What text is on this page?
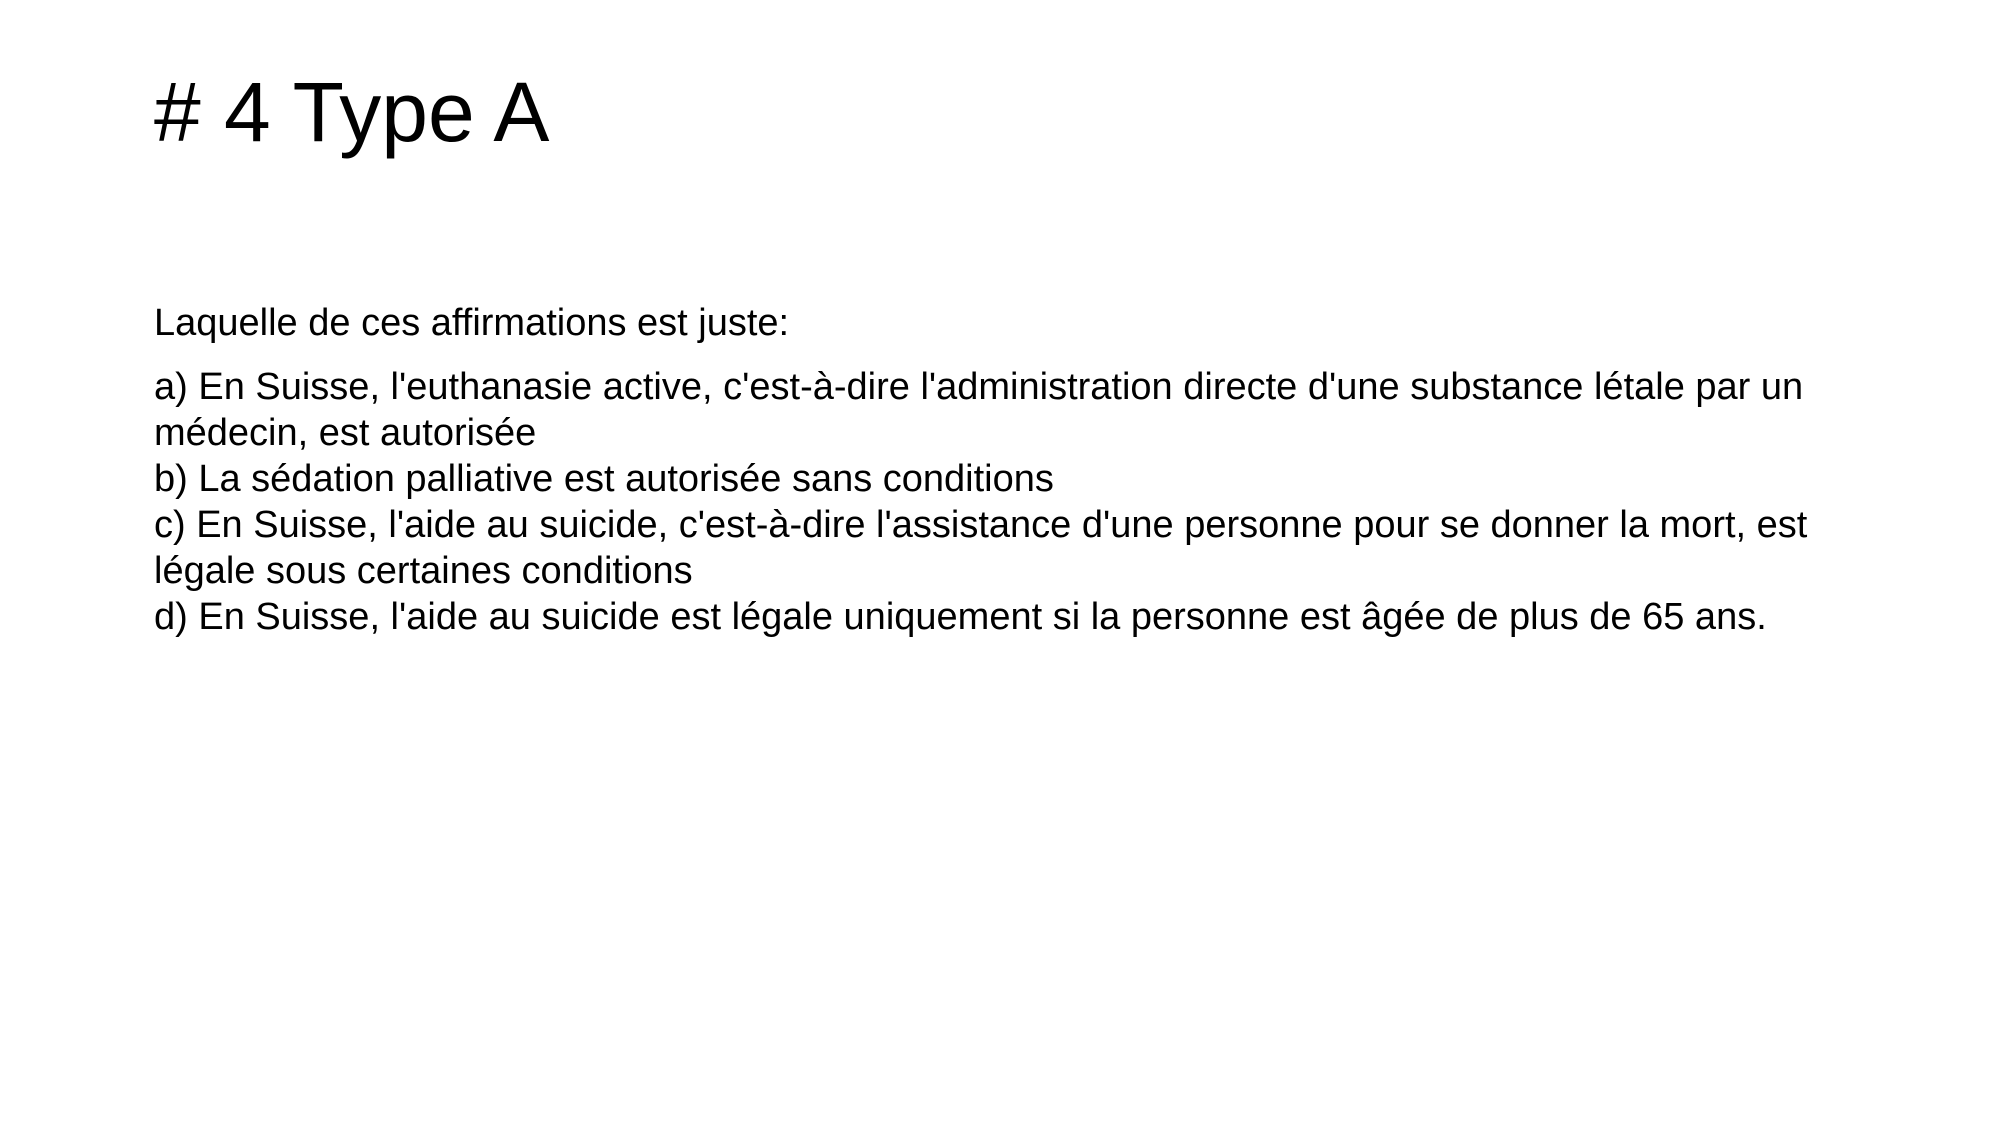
# 4 Type A

Laquelle de ces affirmations est juste:

a) En Suisse, l'euthanasie active, c'est-à-dire l'administration directe d'une substance létale par un médecin, est autorisée
b) La sédation palliative est autorisée sans conditions
c) En Suisse, l'aide au suicide, c'est-à-dire l'assistance d'une personne pour se donner la mort, est légale sous certaines conditions
d) En Suisse, l'aide au suicide est légale uniquement si la personne est âgée de plus de 65 ans.
